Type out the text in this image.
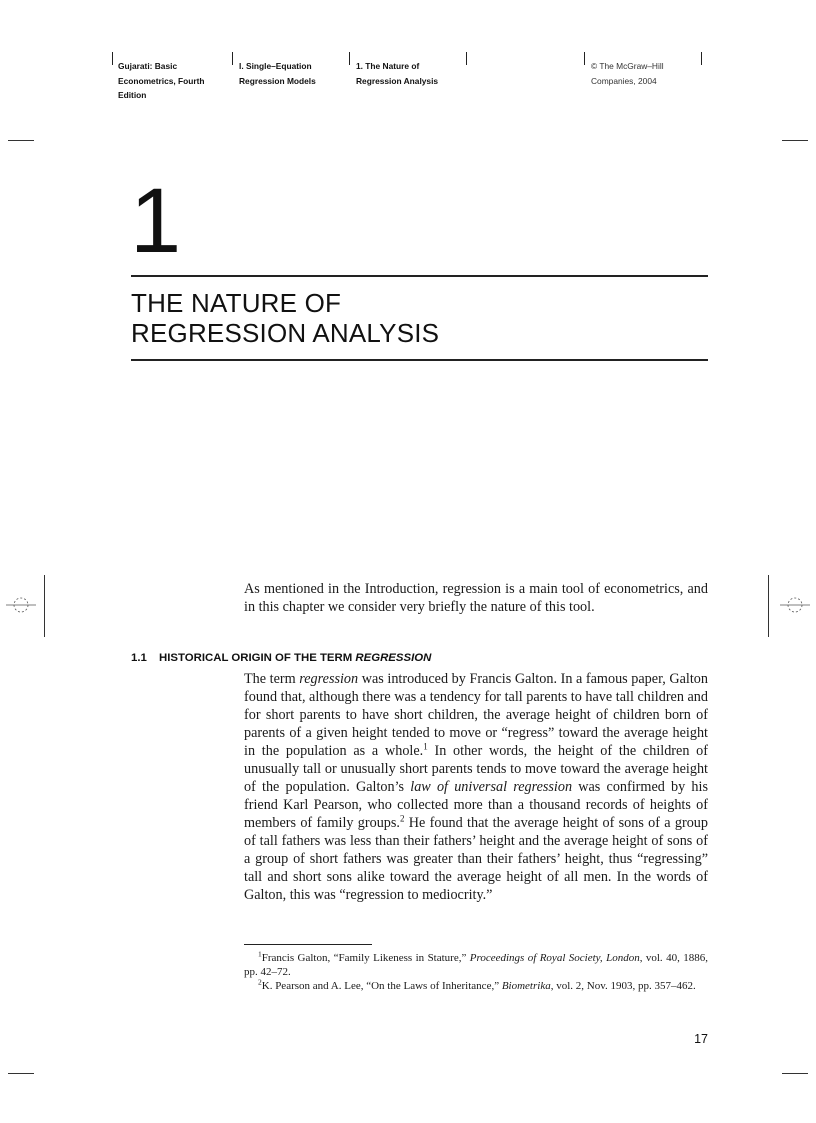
Gujarati: Basic
Econometrics, Fourth
Edition
I. Single–Equation
Regression Models
1. The Nature of
Regression Analysis
© The McGraw–Hill
Companies, 2004
1
THE NATURE OF
REGRESSION ANALYSIS
As mentioned in the Introduction, regression is a main tool of econometrics, and in this chapter we consider very briefly the nature of this tool.
1.1 HISTORICAL ORIGIN OF THE TERM REGRESSION
The term regression was introduced by Francis Galton. In a famous paper, Galton found that, although there was a tendency for tall parents to have tall children and for short parents to have short children, the average height of children born of parents of a given height tended to move or “regress” toward the average height in the population as a whole.$^1$ In other words, the height of the children of unusually tall or unusually short parents tends to move toward the average height of the population. Galton’s law of universal regression was confirmed by his friend Karl Pearson, who collected more than a thousand records of heights of members of family groups.$^2$ He found that the average height of sons of a group of tall fathers was less than their fathers’ height and the average height of sons of a group of short fathers was greater than their fathers’ height, thus “regressing” tall and short sons alike toward the average height of all men. In the words of Galton, this was “regression to mediocrity.”
$^1$Francis Galton, “Family Likeness in Stature,” Proceedings of Royal Society, London, vol. 40, 1886, pp. 42–72.
$^2$K. Pearson and A. Lee, “On the Laws of Inheritance,” Biometrika, vol. 2, Nov. 1903, pp. 357–462.
17
